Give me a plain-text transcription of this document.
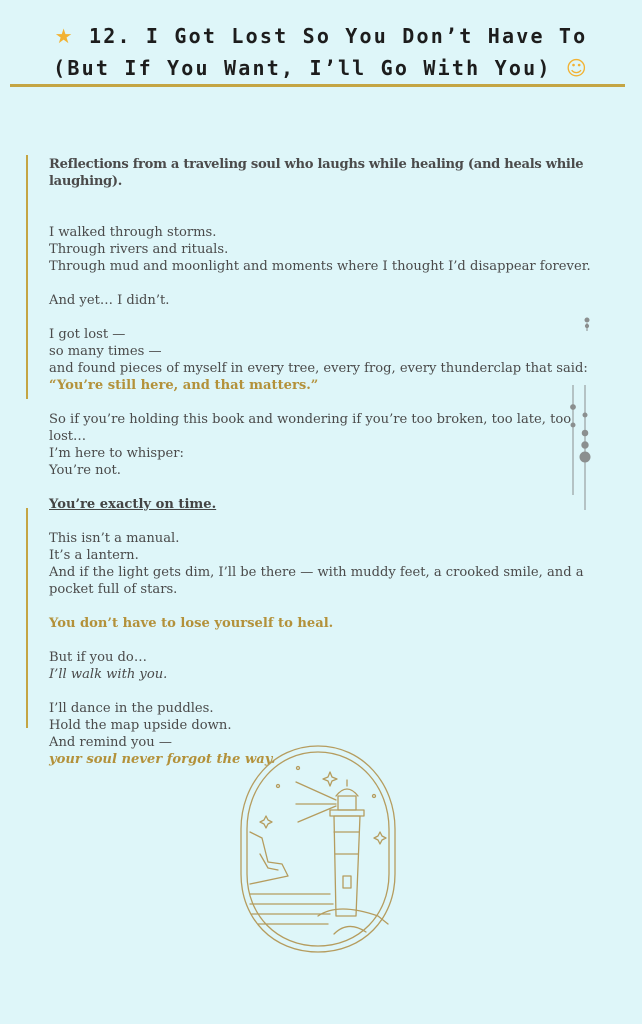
★ 12. I Got Lost So You Don’t Have To
(But If You Want, I’ll Go With You) ☺

Reflections from a traveling soul who laughs while healing (and heals while laughing).

I walked through storms.

Through rivers and rituals.

Through mud and moonlight and moments where I thought I’d disappear forever.

And yet… I didn’t.

I got lost —

so many times —

and found pieces of myself in every tree, every frog, every thunderclap that said:

“You’re still here, and that matters.”

So if you’re holding this book and wondering if you’re too broken, too late, too lost…

I’m here to whisper:

You’re not.

You’re exactly on time.

This isn’t a manual.

It’s a lantern.

And if the light gets dim, I’ll be there — with muddy feet, a crooked smile, and a

pocket full of stars.

You don’t have to lose yourself to heal.

But if you do…

I’ll walk with you.

I’ll dance in the puddles.

Hold the map upside down.

And remind you —

your soul never forgot the way.
